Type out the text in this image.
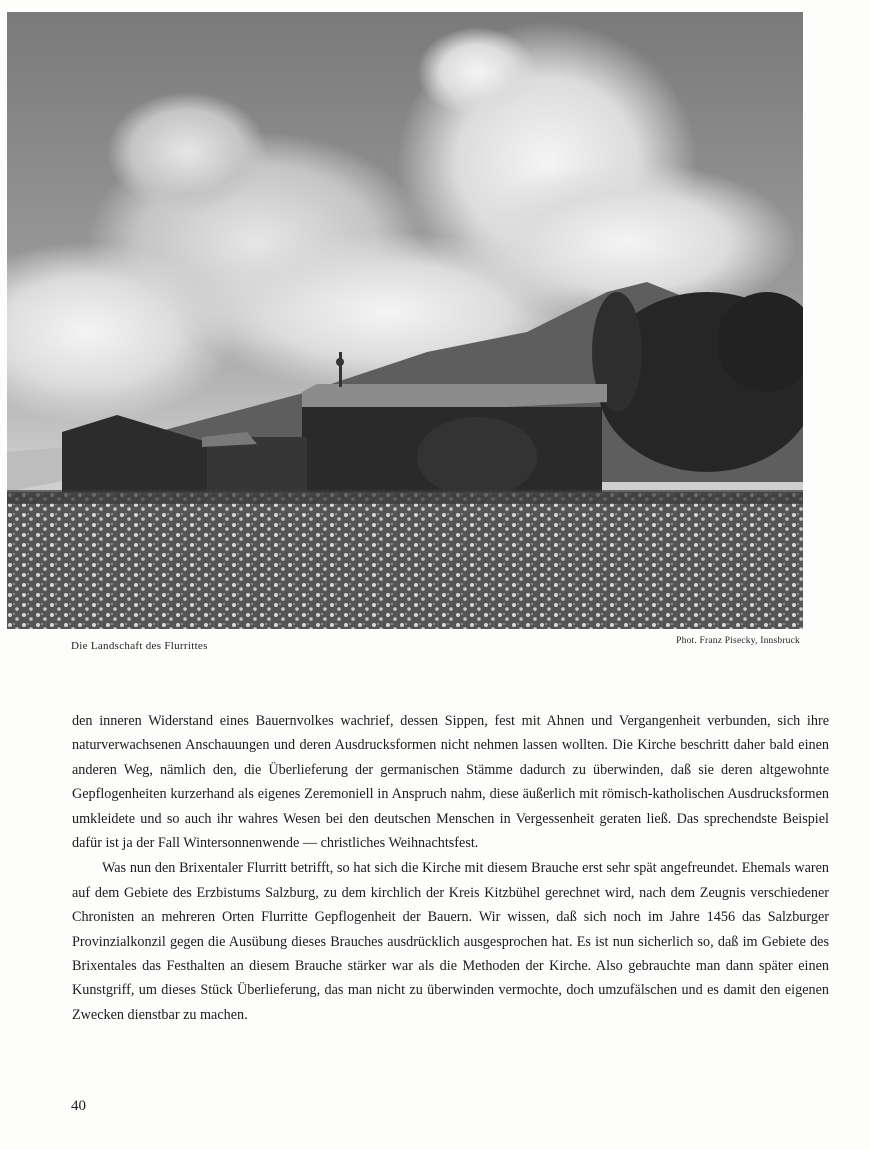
Die Landschaft des Flurrittes	Phot. Franz Pisecky, Innsbruck

den inneren Widerstand eines Bauernvolkes wachrief, dessen Sippen, fest mit Ahnen und Vergangenheit verbunden, sich ihre naturverwachsenen Anschauungen und deren Ausdrucksformen nicht nehmen lassen wollten. Die Kirche beschritt daher bald einen anderen Weg, nämlich den, die Überlieferung der germanischen Stämme dadurch zu überwinden, daß sie deren altgewohnte Gepflogenheiten kurzerhand als eigenes Zeremoniell in Anspruch nahm, diese äußerlich mit römisch-katholischen Ausdrucksformen umkleidete und so auch ihr wahres Wesen bei den deutschen Menschen in Vergessenheit geraten ließ. Das sprechendste Beispiel dafür ist ja der Fall Wintersonnenwende — christliches Weihnachtsfest.

Was nun den Brixentaler Flurritt betrifft, so hat sich die Kirche mit diesem Brauche erst sehr spät angefreundet. Ehemals waren auf dem Gebiete des Erzbistums Salzburg, zu dem kirchlich der Kreis Kitzbühel gerechnet wird, nach dem Zeugnis verschiedener Chronisten an mehreren Orten Flurritte Gepflogenheit der Bauern. Wir wissen, daß sich noch im Jahre 1456 das Salzburger Provinzialkonzil gegen die Ausübung dieses Brauches ausdrücklich ausgesprochen hat. Es ist nun sicherlich so, daß im Gebiete des Brixentales das Festhalten an diesem Brauche stärker war als die Methoden der Kirche. Also gebrauchte man dann später einen Kunstgriff, um dieses Stück Überlieferung, das man nicht zu überwinden vermochte, doch umzufälschen und es damit den eigenen Zwecken dienstbar zu machen.

40
